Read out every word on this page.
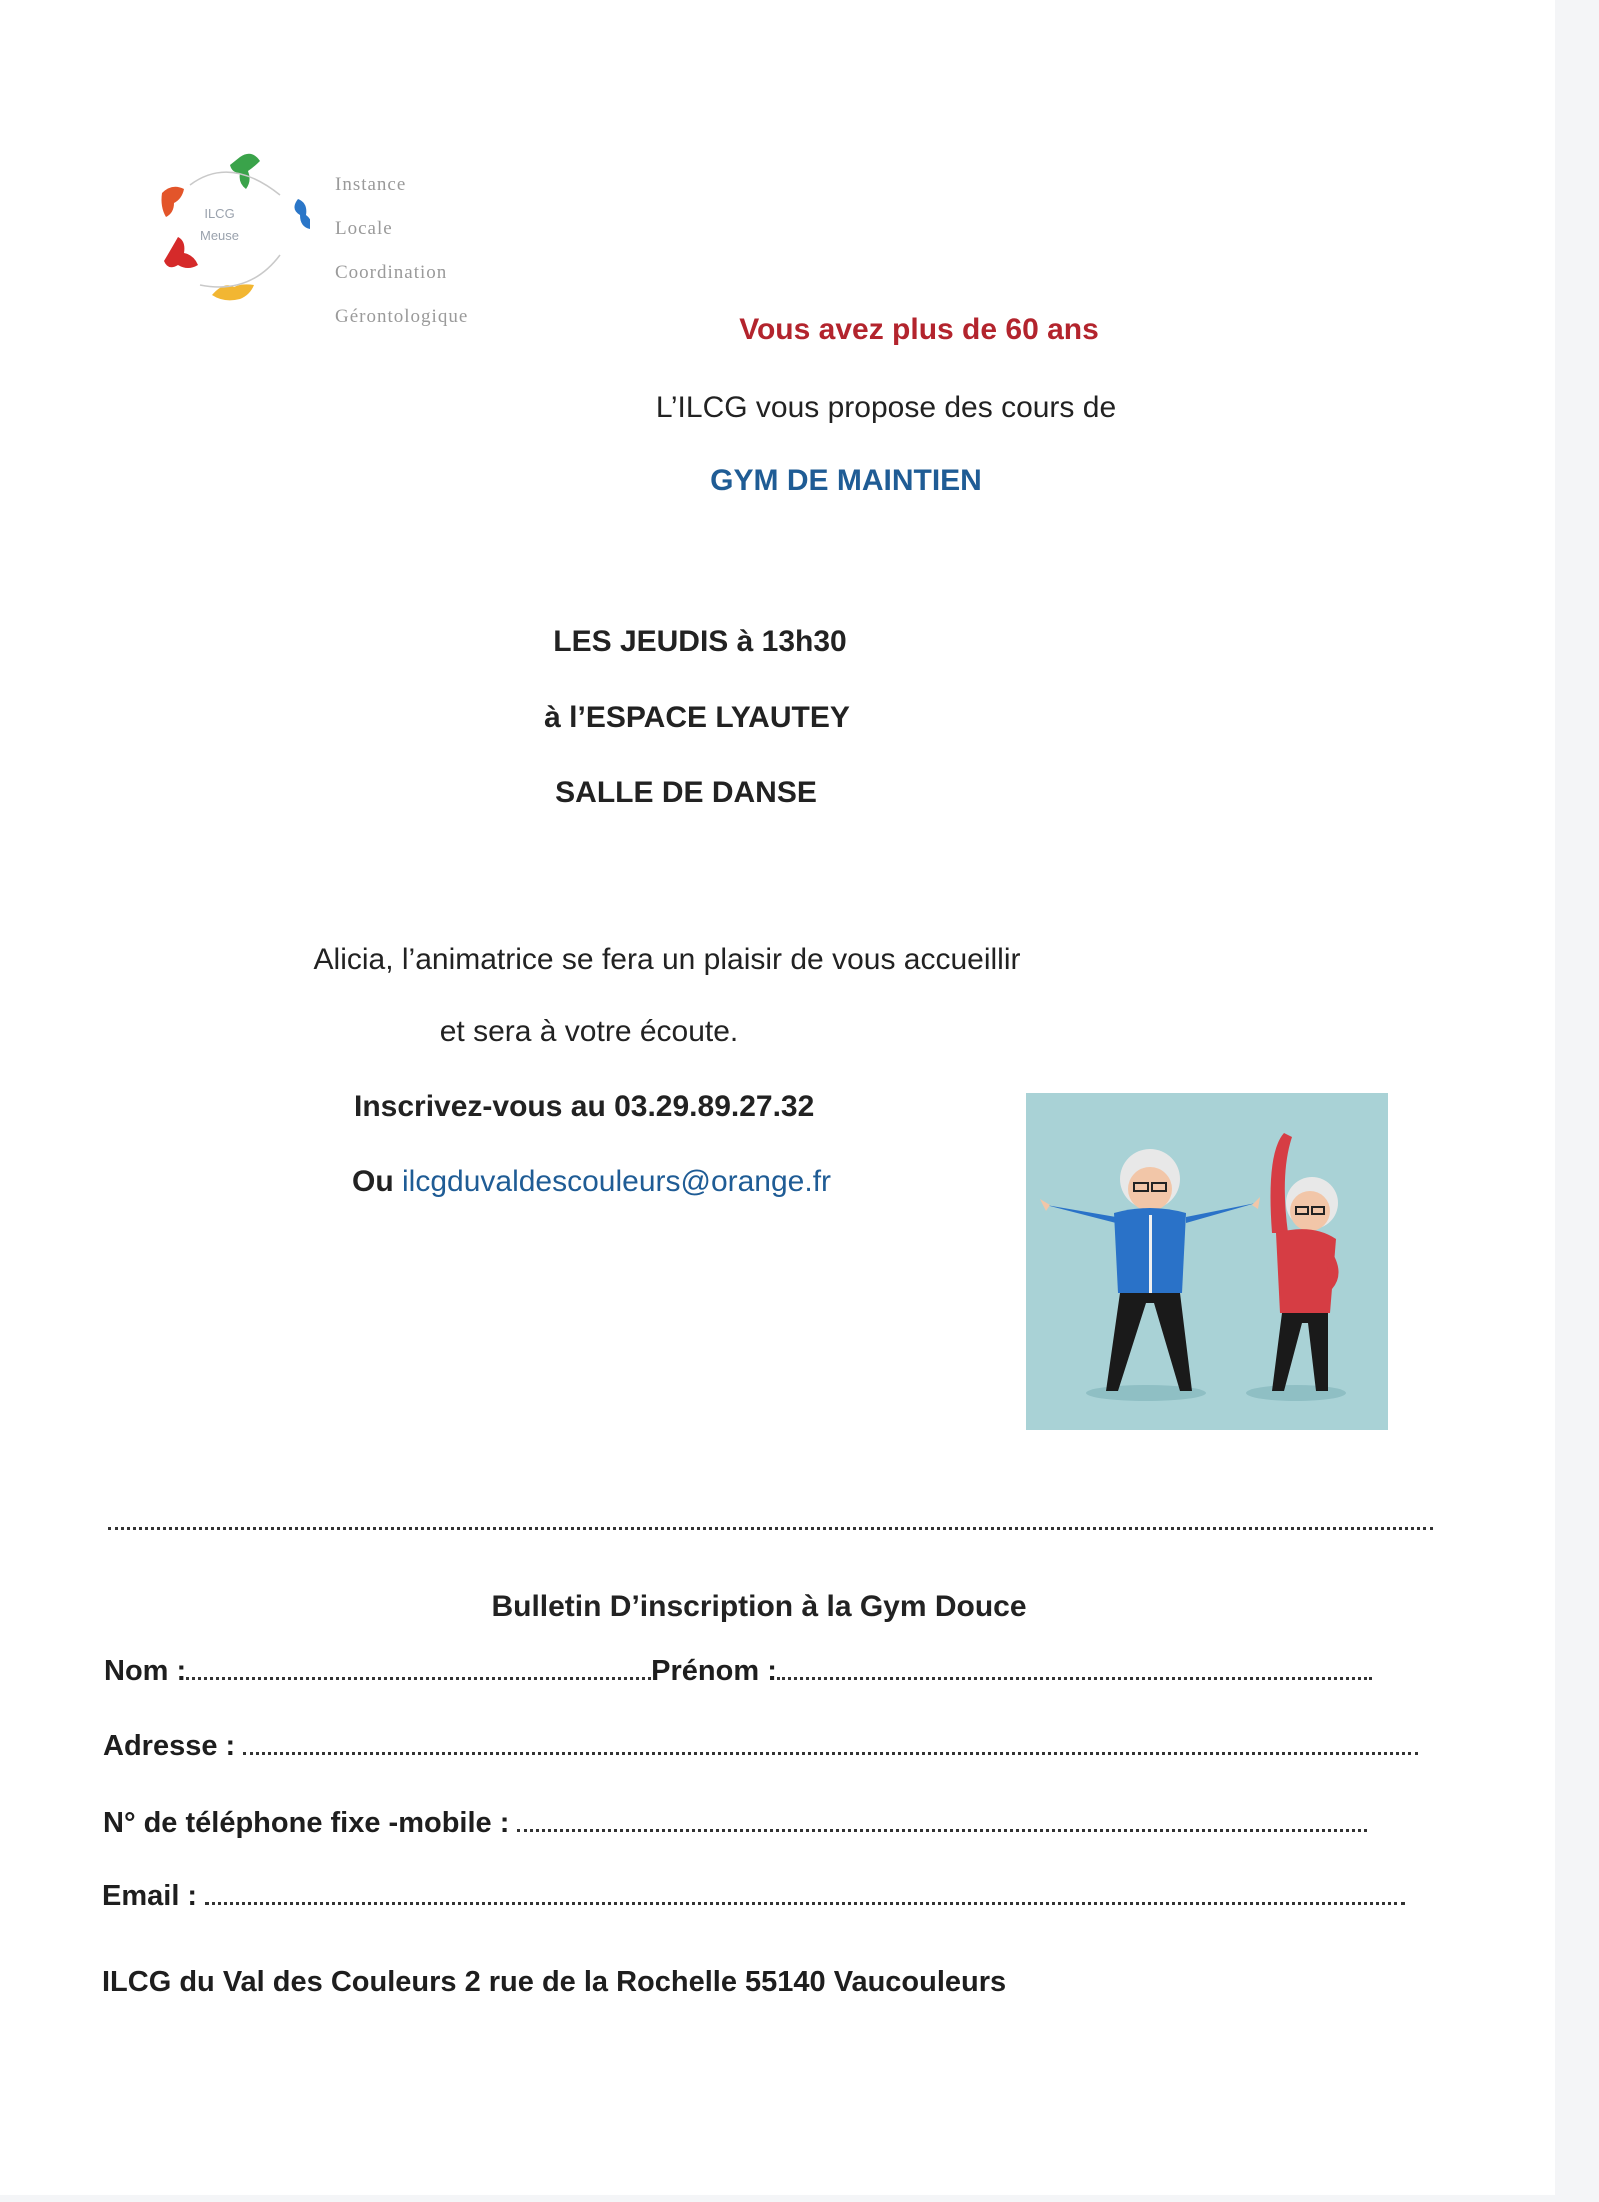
ILCG
Meuse
Instance
Locale
Coordination
Gérontologique	Vous avez plus de 60 ans
L’ILCG vous propose des cours de
GYM DE MAINTIEN
LES JEUDIS à 13h30
à l’ESPACE LYAUTEY
SALLE DE DANSE
Alicia, l’animatrice se fera un plaisir de vous accueillir
et sera à votre écoute.
Inscrivez-vous au 03.29.89.27.32
Ou ilcgduvaldescouleurs@orange.fr
Bulletin D’inscription à la Gym Douce
Nom :	Prénom :
Adresse :
N° de téléphone fixe -mobile :
Email :
ILCG du Val des Couleurs 2 rue de la Rochelle 55140 Vaucouleurs
